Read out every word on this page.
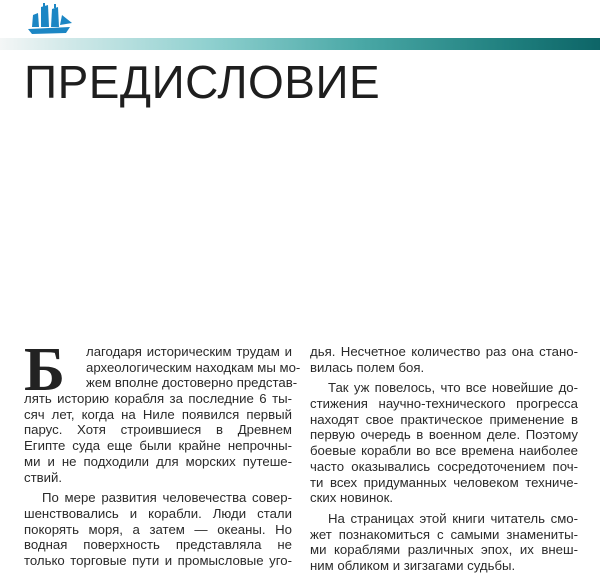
ПРЕДИСЛОВИЕ
Б	лагодаря историческим трудам и
археологическим находкам мы мо-
жем вполне достоверно представ-
лять историю корабля за последние 6 ты-
сяч лет, когда на Ниле появился первый
парус. Хотя строившиеся в Древнем
Египте суда еще были крайне непрочны-
ми и не подходили для морских путеше-
ствий.
По мере развития человечества совер-
шенствовались и корабли. Люди стали
покорять моря, а затем — океаны. Но
водная поверхность представляла не
только торговые пути и промысловые уго-
дья. Несчетное количество раз она стано-
вилась полем боя.
Так уж повелось, что все новейшие до-
стижения научно-технического прогресса
находят свое практическое применение в
первую очередь в военном деле. Поэтому
боевые корабли во все времена наиболее
часто оказывались сосредоточением поч-
ти всех придуманных человеком техниче-
ских новинок.
На страницах этой книги читатель смо-
жет познакомиться с самыми знамениты-
ми кораблями различных эпох, их внеш-
ним обликом и зигзагами судьбы.
